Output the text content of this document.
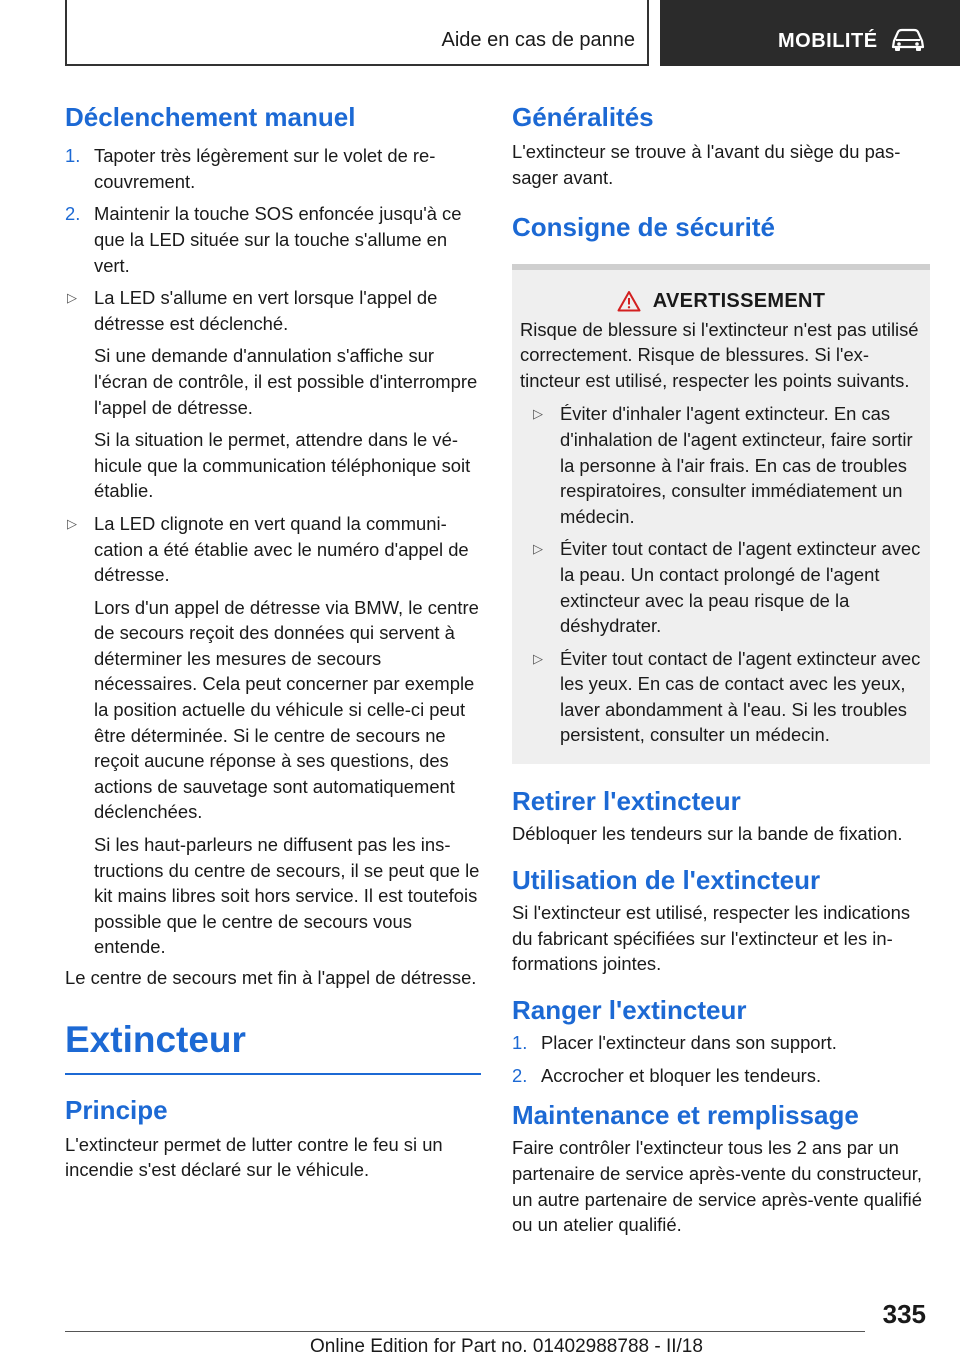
Aide en cas de panne	MOBILITÉ
Déclenchement manuel
1. Tapoter très légèrement sur le volet de recouvrement.
2. Maintenir la touche SOS enfoncée jusqu'à ce que la LED située sur la touche s'allume en vert.
▷ La LED s'allume en vert lorsque l'appel de détresse est déclenché.
Si une demande d'annulation s'affiche sur l'écran de contrôle, il est possible d'interrompre l'appel de détresse.
Si la situation le permet, attendre dans le véhicule que la communication téléphonique soit établie.
▷ La LED clignote en vert quand la communication a été établie avec le numéro d'appel de détresse.
Lors d'un appel de détresse via BMW, le centre de secours reçoit des données qui servent à déterminer les mesures de secours nécessaires. Cela peut concerner par exemple la position actuelle du véhicule si celle-ci peut être déterminée. Si le centre de secours ne reçoit aucune réponse à ses questions, des actions de sauvetage sont automatiquement déclenchées.
Si les haut-parleurs ne diffusent pas les instructions du centre de secours, il se peut que le kit mains libres soit hors service. Il est toutefois possible que le centre de secours vous entende.

Le centre de secours met fin à l'appel de détresse.

Extincteur
Principe

L'extincteur permet de lutter contre le feu si un incendie s'est déclaré sur le véhicule.

Généralités

L'extincteur se trouve à l'avant du siège du passager avant.

Consigne de sécurité
AVERTISSEMENT

Risque de blessure si l'extincteur n'est pas utilisé correctement. Risque de blessures. Si l'extincteur est utilisé, respecter les points suivants.

▷ Éviter d'inhaler l'agent extincteur. En cas d'inhalation de l'agent extincteur, faire sortir la personne à l'air frais. En cas de troubles respiratoires, consulter immédiatement un médecin.
▷ Éviter tout contact de l'agent extincteur avec la peau. Un contact prolongé de l'agent extincteur avec la peau risque de la déshydrater.
▷ Éviter tout contact de l'agent extincteur avec les yeux. En cas de contact avec les yeux, laver abondamment à l'eau. Si les troubles persistent, consulter un médecin.
Retirer l'extincteur

Débloquer les tendeurs sur la bande de fixation.

Utilisation de l'extincteur

Si l'extincteur est utilisé, respecter les indications du fabricant spécifiées sur l'extincteur et les informations jointes.

Ranger l'extincteur
1. Placer l'extincteur dans son support.
2. Accrocher et bloquer les tendeurs.
Maintenance et remplissage

Faire contrôler l'extincteur tous les 2 ans par un partenaire de service après-vente du constructeur, un autre partenaire de service après-vente qualifié ou un atelier qualifié.

335
Online Edition for Part no. 01402988788 - II/18
